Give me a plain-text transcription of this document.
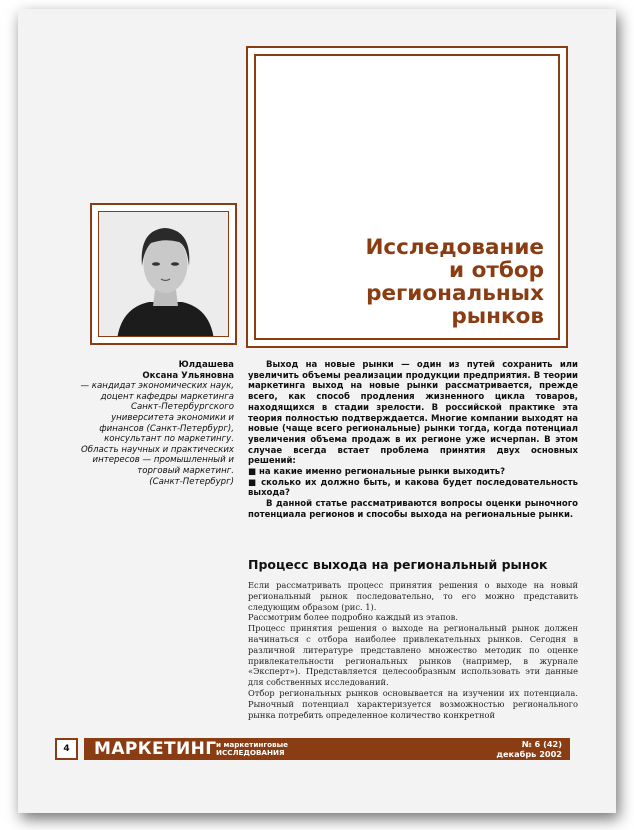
Исследование
и отбор
региональных
рынков
Юлдашева
Оксана Ульяновна
— кандидат экономических наук, доцент кафедры маркетинга Санкт-Петербургского университета экономики и финансов (Санкт-Петербург), консультант по маркетингу. Область научных и практических интересов — промышленный и торговый маркетинг.
(Санкт-Петербург)

Выход на новые рынки — один из путей сохранить или увеличить объемы реализации продукции предприятия. В теории маркетинга выход на новые рынки рассматривается, прежде всего, как способ продления жизненного цикла товаров, находящихся в стадии зрелости. В российской практике эта теория полностью подтверждается. Многие компании выходят на новые (чаще всего региональные) рынки тогда, когда потенциал увеличения объема продаж в их регионе уже исчерпан. В этом случае всегда встает проблема принятия двух основных решений:

■ на какие именно региональные рынки выходить?
■ сколько их должно быть, и какова будет последовательность выхода?

В данной статье рассматриваются вопросы оценки рыночного потенциала регионов и способы выхода на региональные рынки.

Процесс выхода на региональный рынок

Если рассматривать процесс принятия решения о выходе на новый региональный рынок последовательно, то его можно представить следующим образом (рис. 1).

Рассмотрим более подробно каждый из этапов.

Процесс принятия решения о выходе на региональный рынок должен начинаться с отбора наиболее привлекательных рынков. Сегодня в различной литературе представлено множество методик по оценке привлекательности региональных рынков (например, в журнале «Эксперт»). Представляется целесообразным использовать эти данные для собственных исследований.

Отбор региональных рынков основывается на изучении их потенциала. Рыночный потенциал характеризуется возможностью регионального рынка потребить определенное количество конкретной

4	МАРКЕТИНГ и маркетинговые
ИССЛЕДОВАНИЯ
№ 6 (42)
декабрь 2002
